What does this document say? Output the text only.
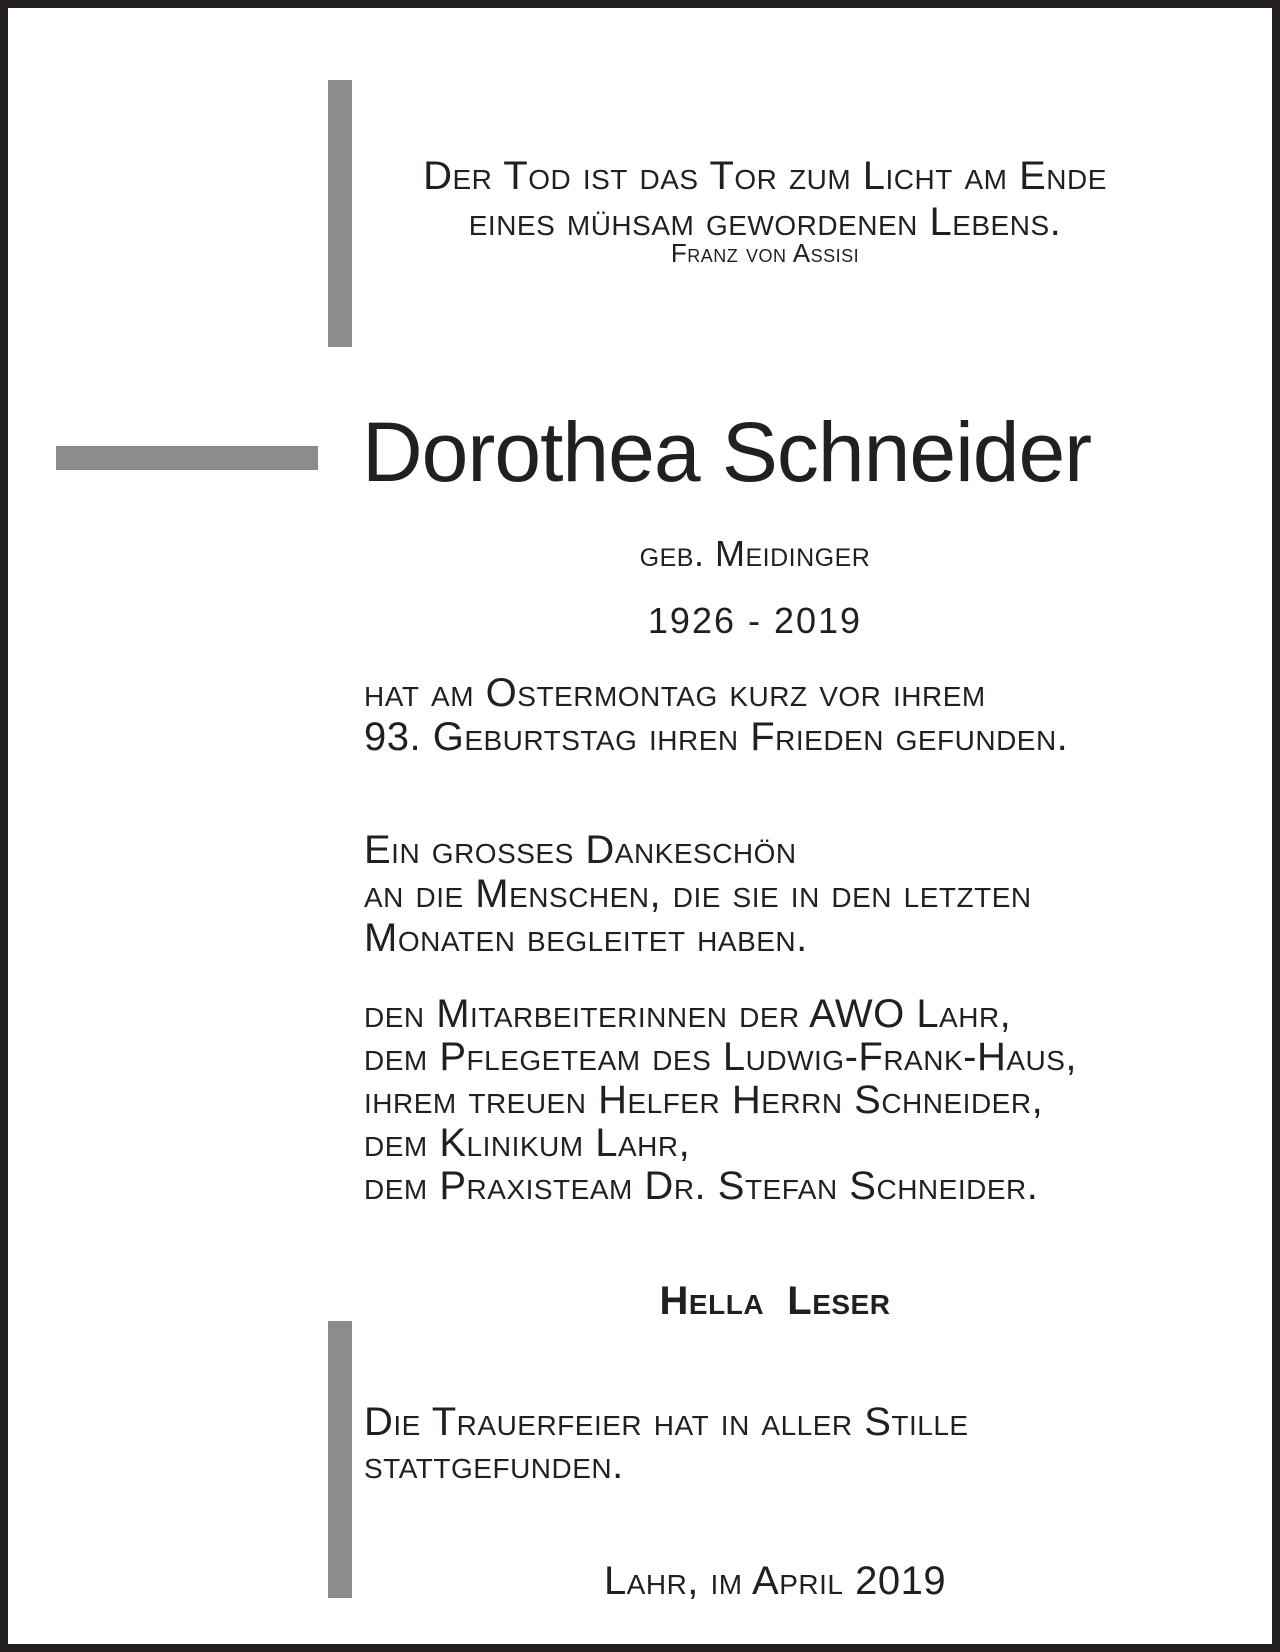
Der Tod ist das Tor zum Licht am Ende
eines mühsam gewordenen Lebens.
Franz von Assisi
Dorothea Schneider
geb. Meidinger
1926 - 2019
hat am Ostermontag kurz vor ihrem
93. Geburtstag ihren Frieden gefunden.
Ein grosses Dankeschön
an die Menschen, die sie in den letzten
Monaten begleitet haben.
den Mitarbeiterinnen der AWO Lahr,
dem Pflegeteam des Ludwig-Frank-Haus,
ihrem treuen Helfer Herrn Schneider,
dem Klinikum Lahr,
dem Praxisteam Dr. Stefan Schneider.
Hella  Leser
Die Trauerfeier hat in aller Stille
stattgefunden.
Lahr, im April 2019
